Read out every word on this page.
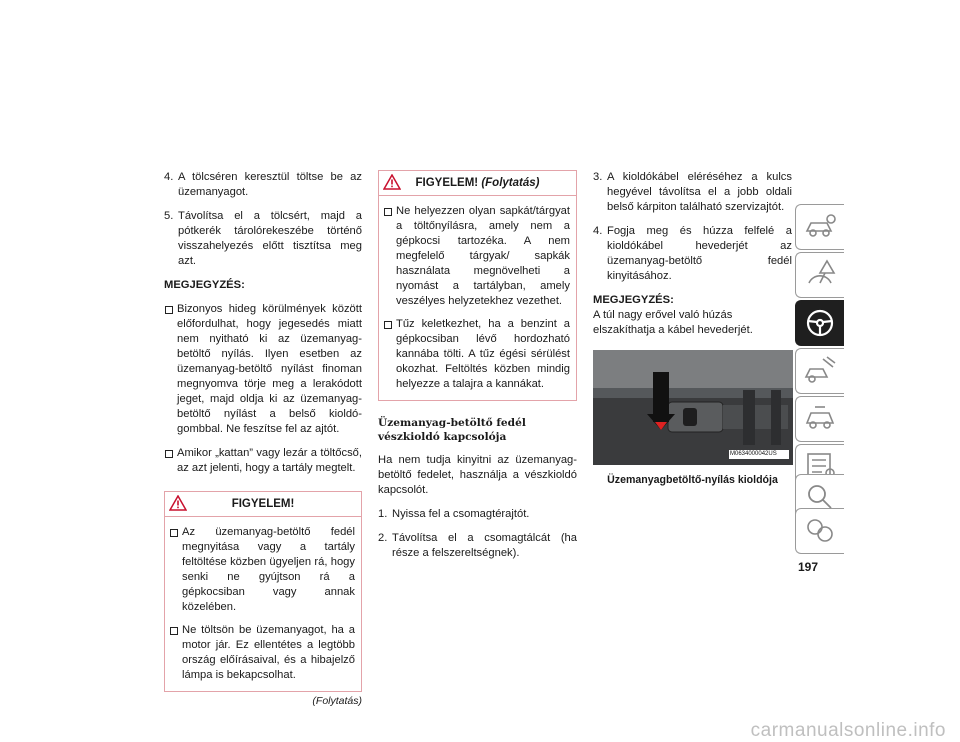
4. A tölcséren keresztül töltse be az üzemanyagot.
5. Távolítsa el a tölcsért, majd a pótkerék tárolórekeszébe történő visszahelyezés előtt tisztítsa meg azt.
MEGJEGYZÉS:
Bizonyos hideg körülmények között előfordulhat, hogy jegesedés miatt nem nyitható ki az üzemanyag-betöltő nyílás. Ilyen esetben az üzemanyag-betöltő nyílást finoman megnyomva törje meg a lerakódott jeget, majd oldja ki az üzemanyag-betöltő nyílást a belső kioldógombbal. Ne feszítse fel az ajtót.
Amikor „kattan” vagy lezár a töltőcső, az azt jelenti, hogy a tartály megtelt.
FIGYELEM!
Az üzemanyag-betöltő fedél megnyitása vagy a tartály feltöltése közben ügyeljen rá, hogy senki ne gyújtson rá a gépkocsiban vagy annak közelében.
Ne töltsön be üzemanyagot, ha a motor jár. Ez ellentétes a legtöbb ország előírásaival, és a hibajelző lámpa is bekapcsolhat.
(Folytatás)
FIGYELEM!
(Folytatás)
Ne helyezzen olyan sapkát/tárgyat a töltőnyílásra, amely nem a gépkocsi tartozéka. A nem megfelelő tárgyak/ sapkák használata megnövelheti a nyomást a tartályban, amely veszélyes helyzetekhez vezethet.
Tűz keletkezhet, ha a benzint a gépkocsiban lévő hordozható kannába tölti. A tűz égési sérülést okozhat. Feltöltés közben mindig helyezze a talajra a kannákat.
Üzemanyag-betöltő fedél vészkioldó kapcsolója

Ha nem tudja kinyitni az üzemanyag-betöltő fedelet, használja a vészkioldó kapcsolót.

1. Nyissa fel a csomagtérajtót.
2. Távolítsa el a csomagtálcát (ha része a felszereltségnek).
3. A kioldókábel eléréséhez a kulcs hegyével távolítsa el a jobb oldali belső kárpiton található szervizajtót.
4. Fogja meg és húzza felfelé a kioldókábel hevederjét az üzemanyag-betöltő fedél kinyitásához.
MEGJEGYZÉS:

A túl nagy erővel való húzás elszakíthatja a kábel hevederjét.

M0634000042US
Üzemanyagbetöltő-nyílás kioldója
197
carmanualsonline.info
